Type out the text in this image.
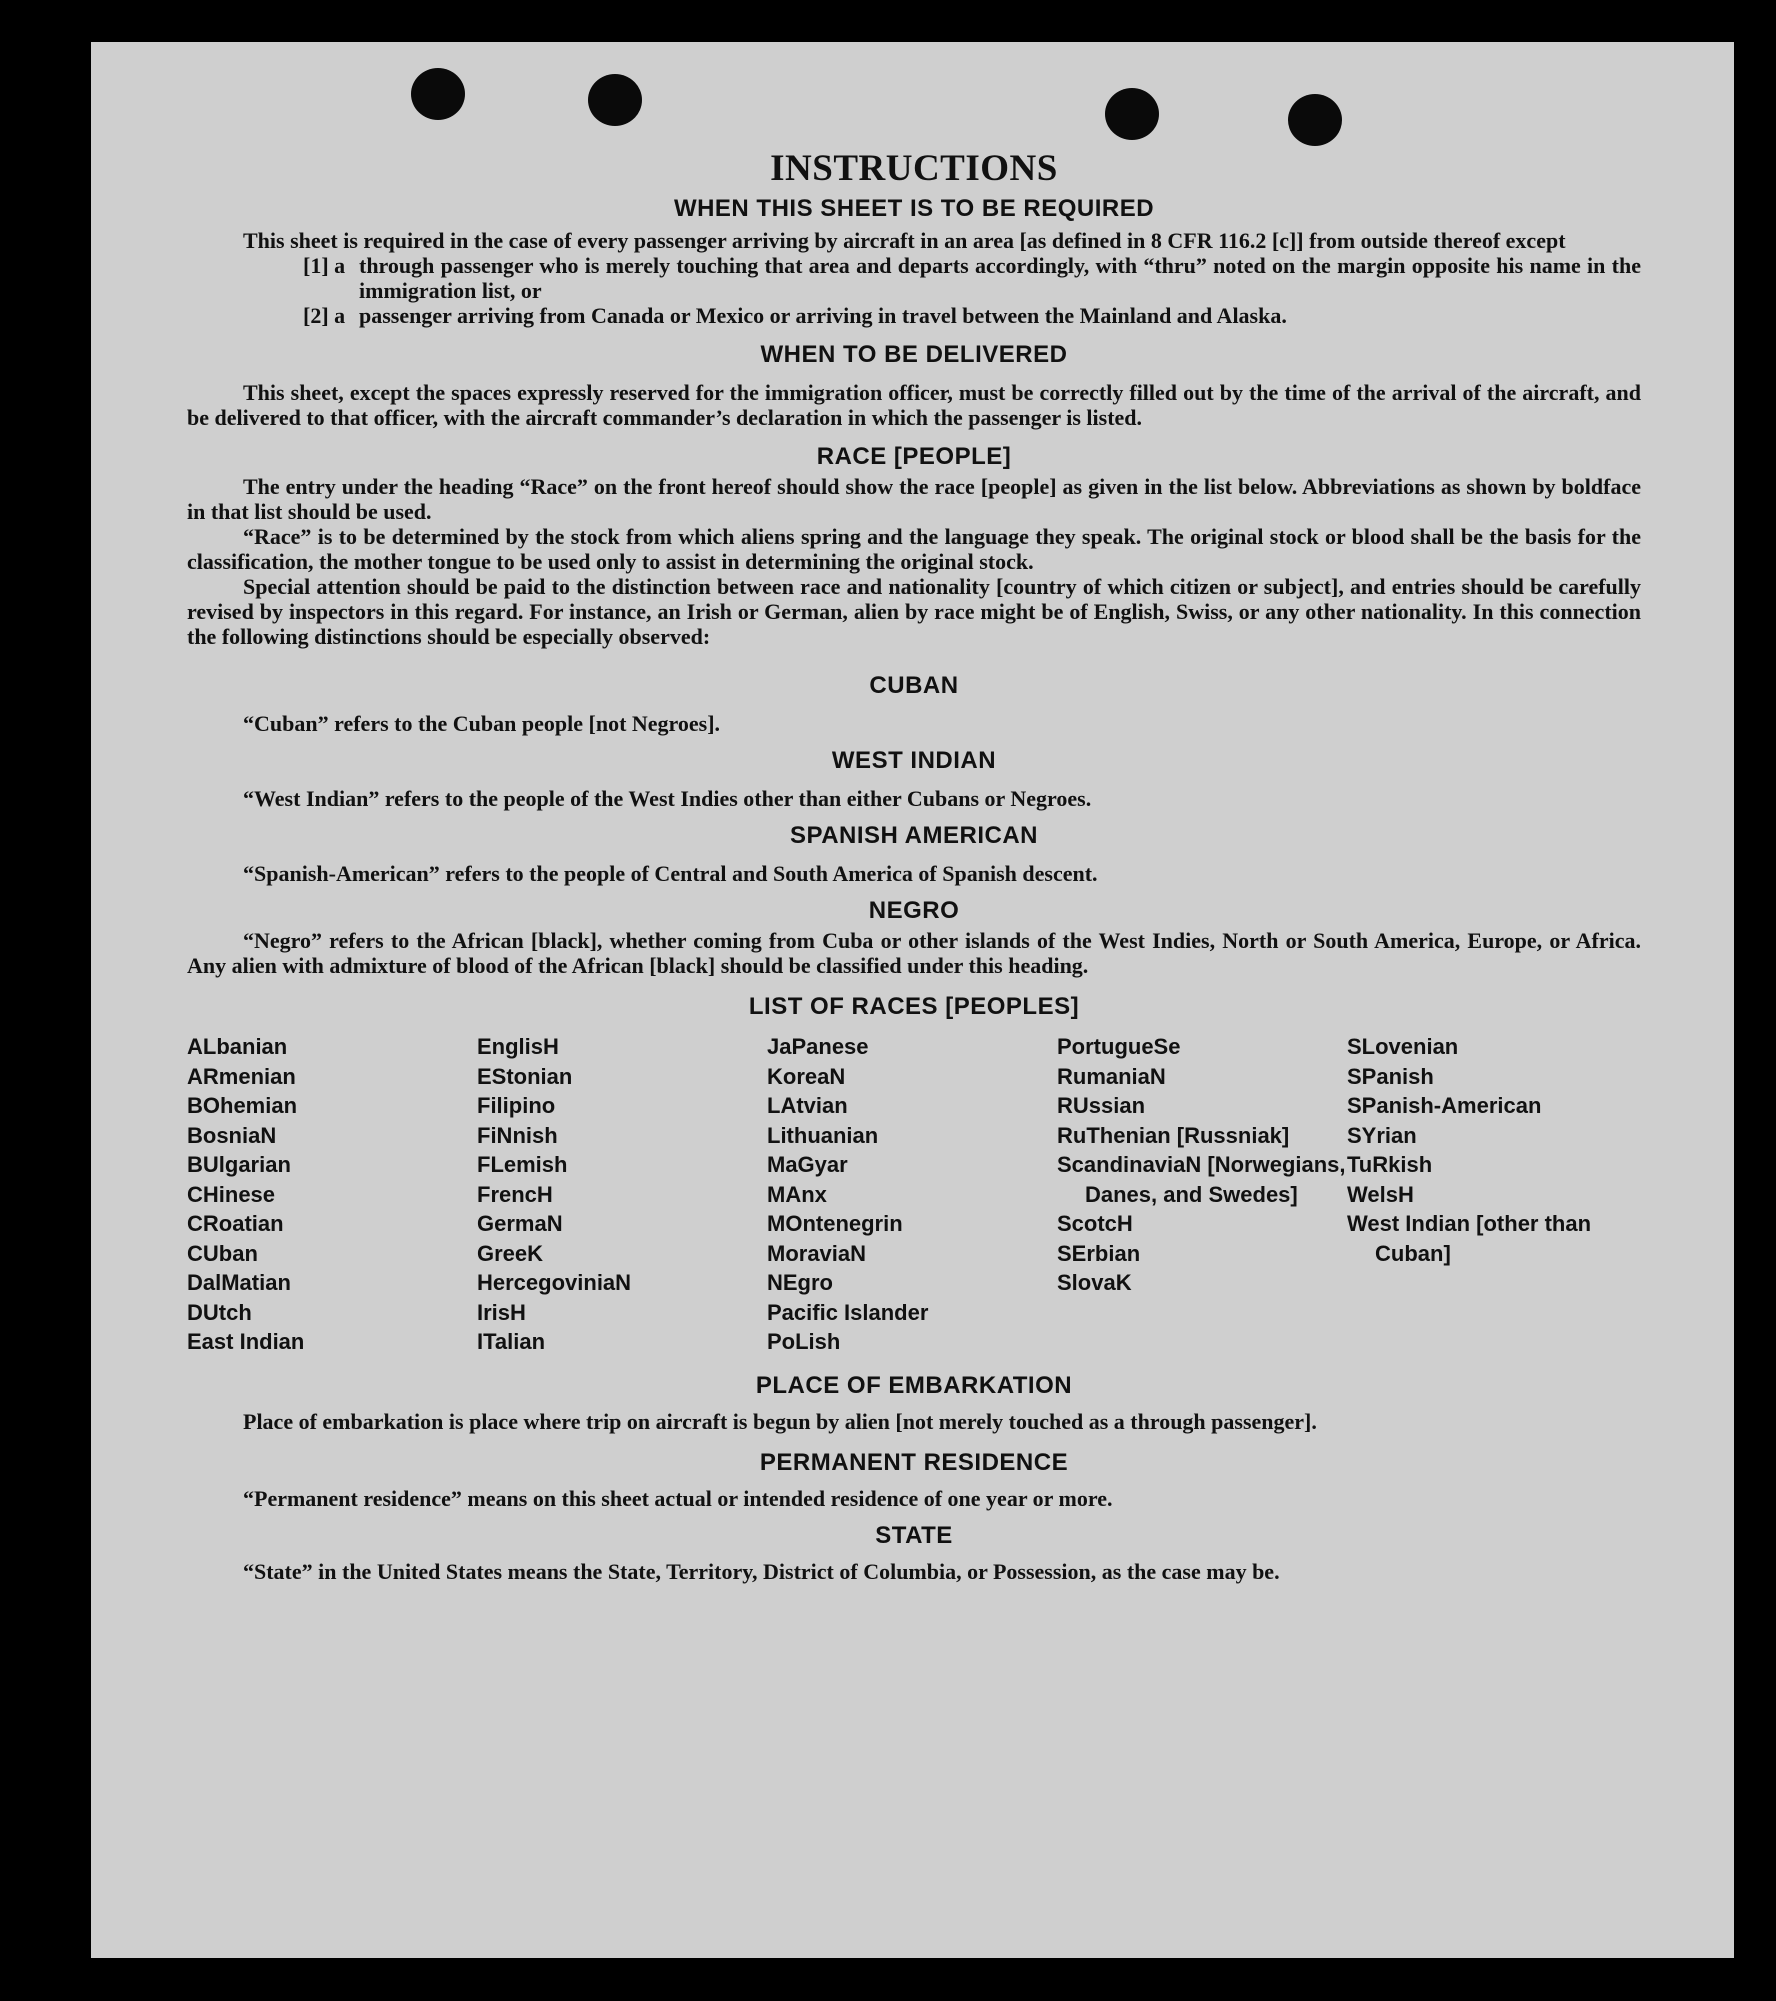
INSTRUCTIONS
WHEN THIS SHEET IS TO BE REQUIRED

This sheet is required in the case of every passenger arriving by aircraft in an area [as defined in 8 CFR 116.2 [c]] from outside thereof except

[1] a through passenger who is merely touching that area and departs accordingly, with “thru” noted on the margin opposite his name in the immigration list, or
[2] a passenger arriving from Canada or Mexico or arriving in travel between the Mainland and Alaska.
WHEN TO BE DELIVERED

This sheet, except the spaces expressly reserved for the immigration officer, must be correctly filled out by the time of the arrival of the aircraft, and be delivered to that officer, with the aircraft commander’s declaration in which the passenger is listed.

RACE [PEOPLE]

The entry under the heading “Race” on the front hereof should show the race [people] as given in the list below. Abbreviations as shown by boldface in that list should be used.

“Race” is to be determined by the stock from which aliens spring and the language they speak. The original stock or blood shall be the basis for the classification, the mother tongue to be used only to assist in determining the original stock.

Special attention should be paid to the distinction between race and nationality [country of which citizen or subject], and entries should be carefully revised by inspectors in this regard. For instance, an Irish or German, alien by race might be of English, Swiss, or any other nationality. In this connection the following distinctions should be especially observed:

CUBAN

“Cuban” refers to the Cuban people [not Negroes].

WEST INDIAN

“West Indian” refers to the people of the West Indies other than either Cubans or Negroes.

SPANISH AMERICAN

“Spanish-American” refers to the people of Central and South America of Spanish descent.

NEGRO

“Negro” refers to the African [black], whether coming from Cuba or other islands of the West Indies, North or South America, Europe, or Africa. Any alien with admixture of blood of the African [black] should be classified under this heading.

LIST OF RACES [PEOPLES]
ALbanian
ARmenian
BOhemian
BosniaN
BUlgarian
CHinese
CRoatian
CUban
DalMatian
DUtch
East Indian
EnglisH
EStonian
Filipino
FiNnish
FLemish
FrencH
GermaN
GreeK
HercegoviniaN
IrisH
ITalian
JaPanese
KoreaN
LAtvian
Lithuanian
MaGyar
MAnx
MOntenegrin
MoraviaN
NEgro
Pacific Islander
PoLish
PortugueSe
RumaniaN
RUssian
RuThenian [Russniak]
ScandinaviaN [Norwegians, Danes, and Swedes]
ScotcH
SErbian
SlovaK
SLovenian
SPanish
SPanish-American
SYrian
TuRkish
WelsH
West Indian [other than Cuban]
PLACE OF EMBARKATION

Place of embarkation is place where trip on aircraft is begun by alien [not merely touched as a through passenger].

PERMANENT RESIDENCE

“Permanent residence” means on this sheet actual or intended residence of one year or more.

STATE

“State” in the United States means the State, Territory, District of Columbia, or Possession, as the case may be.
